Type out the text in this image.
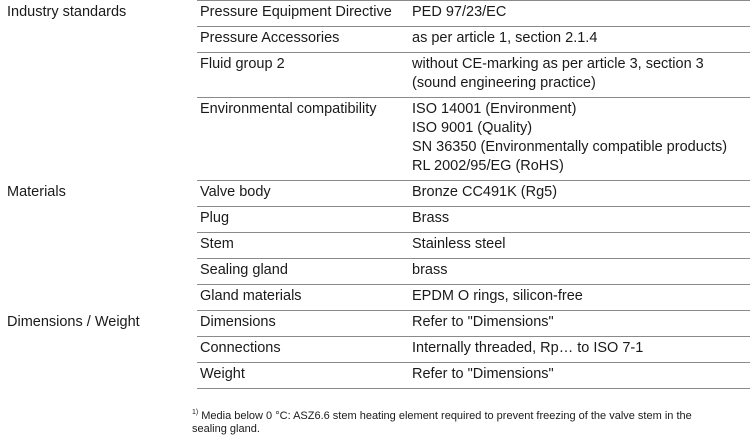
Industry standards	Pressure Equipment Directive	PED 97/23/EC

	Pressure Accessories	as per article 1, section 2.1.4

	Fluid group 2	without CE-marking as per article 3, section 3
(sound engineering practice)

	Environmental compatibility	ISO 14001 (Environment)
ISO 9001 (Quality)
SN 36350 (Environmentally compatible products)
RL 2002/95/EG (RoHS)

Materials	Valve body	Bronze CC491K (Rg5)

	Plug	Brass

	Stem	Stainless steel

	Sealing gland	brass

	Gland materials	EPDM O rings, silicon-free

Dimensions / Weight	Dimensions	Refer to "Dimensions"

	Connections	Internally threaded, Rp… to ISO 7-1

	Weight	Refer to "Dimensions"
$^{1)}$ Media below 0 °C: ASZ6.6 stem heating element required to prevent freezing of the valve stem in the
sealing gland.
